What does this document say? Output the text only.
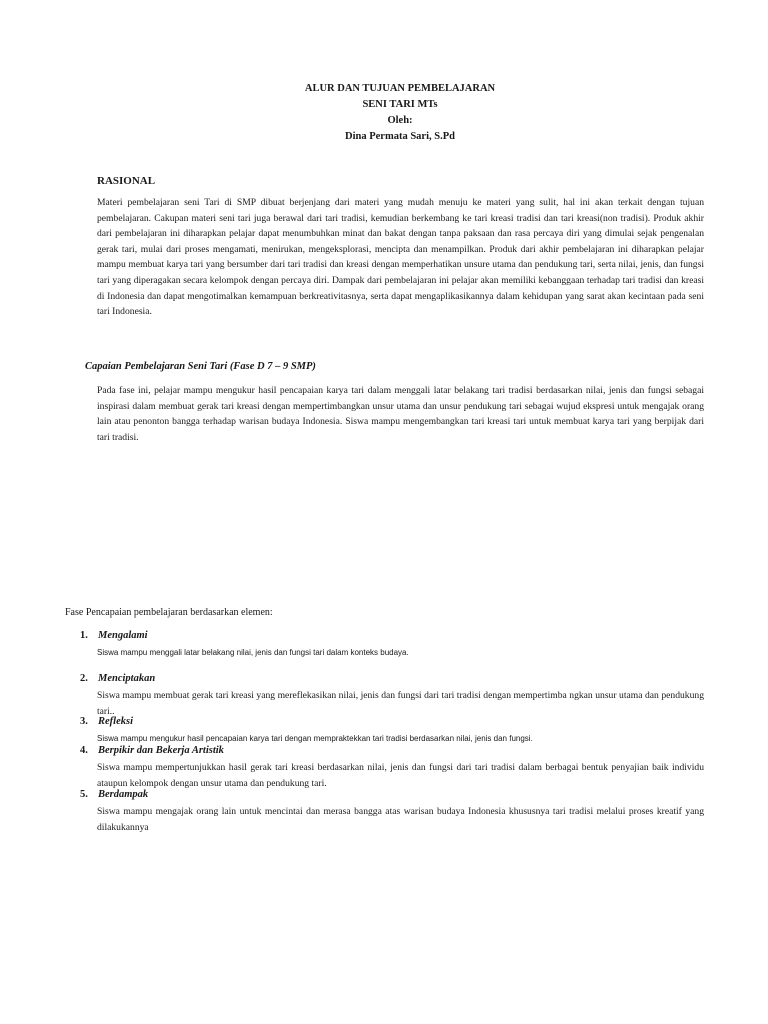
ALUR DAN TUJUAN PEMBELAJARAN
SENI TARI MTs
Oleh:
Dina Permata Sari, S.Pd
RASIONAL

Materi pembelajaran seni Tari di SMP dibuat berjenjang dari materi yang mudah menuju ke materi yang sulit, hal ini akan terkait dengan tujuan pembelajaran. Cakupan materi seni tari juga berawal dari tari tradisi, kemudian berkembang ke tari kreasi tradisi dan tari kreasi(non tradisi). Produk akhir dari pembelajaran ini diharapkan pelajar dapat menumbuhkan minat dan bakat dengan tanpa paksaan dan rasa percaya diri yang dimulai sejak pengenalan gerak tari, mulai dari proses mengamati, menirukan, mengeksplorasi, mencipta dan menampilkan. Produk dari akhir pembelajaran ini diharapkan pelajar mampu membuat karya tari yang bersumber dari tari tradisi dan kreasi dengan memperhatikan unsure utama dan pendukung tari, serta nilai, jenis, dan fungsi tari yang diperagakan secara kelompok dengan percaya diri. Dampak dari pembelajaran ini pelajar akan memiliki kebanggaan terhadap tari tradisi dan kreasi di Indonesia dan dapat mengotimalkan kemampuan berkreativitasnya, serta dapat mengaplikasikannya dalam kehidupan yang sarat akan kecintaan pada seni tari Indonesia.

Capaian Pembelajaran Seni Tari (Fase D 7 – 9 SMP)

Pada fase ini, pelajar mampu mengukur hasil pencapaian karya tari dalam menggali latar belakang tari tradisi berdasarkan nilai, jenis dan fungsi sebagai inspirasi dalam membuat gerak tari kreasi dengan mempertimbangkan unsur utama dan unsur pendukung tari sebagai wujud ekspresi untuk mengajak orang lain atau penonton bangga terhadap warisan budaya Indonesia. Siswa mampu mengembangkan tari kreasi tari untuk membuat karya tari yang berpijak dari tari tradisi.

Fase Pencapaian pembelajaran berdasarkan elemen:
1. Mengalami

Siswa mampu menggali latar belakang nilai, jenis dan fungsi tari dalam konteks budaya.

2. Menciptakan

Siswa mampu membuat gerak tari kreasi yang mereflekasikan nilai, jenis dan fungsi dari tari tradisi dengan mempertimba ngkan unsur utama dan pendukung tari..

3. Refleksi

Siswa mampu mengukur hasil pencapaian karya tari dengan mempraktekkan tari tradisi berdasarkan nilai, jenis dan fungsi.

4. Berpikir dan Bekerja Artistik

Siswa mampu mempertunjukkan hasil gerak tari kreasi berdasarkan nilai, jenis dan fungsi dari tari tradisi dalam berbagai bentuk penyajian baik individu ataupun kelompok dengan unsur utama dan pendukung tari.

5. Berdampak

Siswa mampu mengajak orang lain untuk mencintai dan merasa bangga atas warisan budaya Indonesia khususnya tari tradisi melalui proses kreatif yang dilakukannya
